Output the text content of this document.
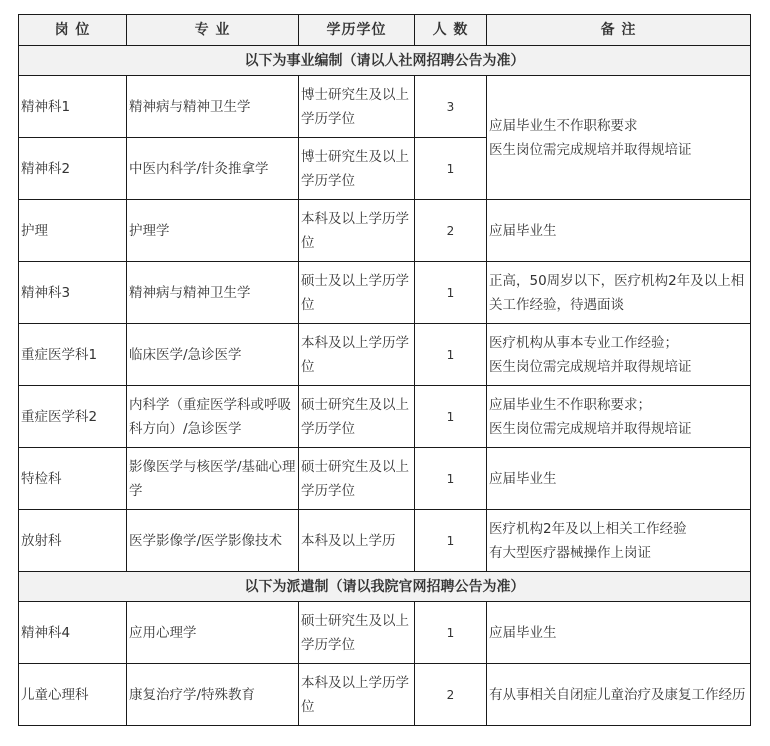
岗 位	专 业	学历学位	人 数	备 注
以下为事业编制（请以人社网招聘公告为准）				
精神科1	精神病与精神卫生学	博士研究生及以上学历学位	3	应届毕业生不作职称要求
医生岗位需完成规培并取得规培证

精神科2	中医内科学/针灸推拿学	博士研究生及以上学历学位	1	
护理	护理学	本科及以上学历学位	2	应届毕业生

精神科3	精神病与精神卫生学	硕士及以上学历学位	1	正高，50周岁以下，医疗机构2年及以上相关工作经验，待遇面谈

重症医学科1	临床医学/急诊医学	本科及以上学历学位	1	医疗机构从事本专业工作经验；
医生岗位需完成规培并取得规培证

重症医学科2	内科学（重症医学科或呼吸科方向）/急诊医学	硕士研究生及以上学历学位	1	应届毕业生不作职称要求；
医生岗位需完成规培并取得规培证

特检科	影像医学与核医学/基础心理学	硕士研究生及以上学历学位	1	应届毕业生

放射科	医学影像学/医学影像技术	本科及以上学历	1	医疗机构2年及以上相关工作经验
有大型医疗器械操作上岗证

以下为派遣制（请以我院官网招聘公告为准）				
精神科4	应用心理学	硕士研究生及以上学历学位	1	应届毕业生

儿童心理科	康复治疗学/特殊教育	本科及以上学历学位	2	有从事相关自闭症儿童治疗及康复工作经历
